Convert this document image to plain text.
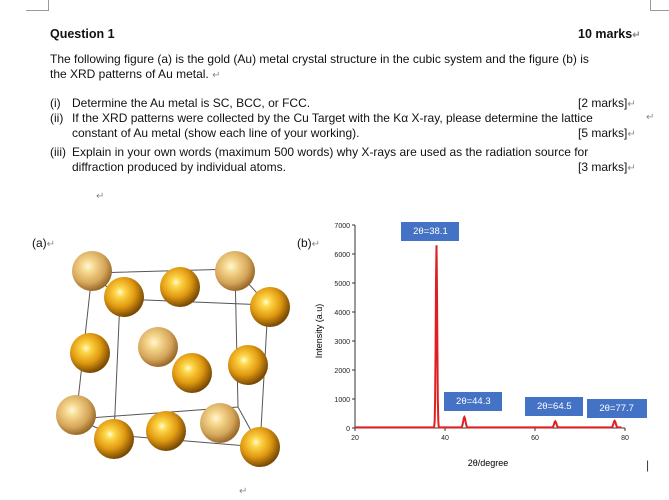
Question 1	10 marks↵
The following figure (a) is the gold (Au) metal crystal structure in the cubic system and the figure (b) is
the XRD patterns of Au metal. ↵
(i) Determine the Au metal is SC, BCC, or FCC.	[2 marks]↵
(ii) If the XRD patterns were collected by the Cu Target with the Kα X-ray, please determine the lattice	↵
constant of Au metal (show each line of your working).	[5 marks]↵
(iii) Explain in your own words (maximum 500 words) why X-rays are used as the radiation source for
diffraction produced by individual atoms.	[3 marks]↵
↵
(a)↵	(b)↵
0
1000
2000
3000
4000
5000
6000
7000
20	40	60	80
Intensity (a.u)
2θ/degree
2θ=38.1
2θ=44.3	2θ=64.5	2θ=77.7
|
↵
